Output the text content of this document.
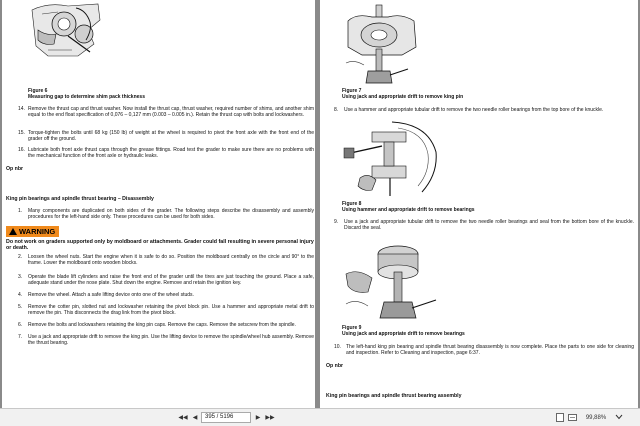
Figure 6
Measuring gap to determine shim pack thickness
14. Remove the thrust cap and thrust washer. Now install the thrust cap, thrust washer, required number of shims, and another shim equal to the end float specification of 0,076 – 0,127 mm (0.003 – 0.005 in.). Retain the thrust cap with bolts and lockwashers.
15. Torque-tighten the bolts until 68 kg (150 lb) of weight at the wheel is required to pivot the front axle with the front end of the grader off the ground.
16. Lubricate both front axle thrust caps through the grease fittings. Road test the grader to make sure there are no problems with the mechanical function of the front axle or hydraulic leaks.
Op nbr
King pin bearings and spindle thrust bearing – Disassembly
1. Many components are duplicated on both sides of the grader. The following steps describe the disassembly and assembly procedures for the left-hand side only. These procedures can be used for both sides.
WARNING
Do not work on graders supported only by moldboard or attachments. Grader could fall resulting in severe personal injury or death.
2. Loosen the wheel nuts. Start the engine when it is safe to do so. Position the moldboard centrally on the circle and 90° to the frame. Lower the moldboard onto wooden blocks.
3. Operate the blade lift cylinders and raise the front end of the grader until the tires are just touching the ground. Place a safe, adequate stand under the nose plate. Shut down the engine. Remove and retain the ignition key.
4. Remove the wheel. Attach a safe lifting device onto one of the wheel studs.
5. Remove the cotter pin, slotted nut and lockwasher retaining the pivot block pin. Use a hammer and appropriate metal drift to remove the pin. This disconnects the drag link from the pivot block.
6. Remove the bolts and lockwashers retaining the king pin caps. Remove the caps. Remove the setscrew from the spindle.
7. Use a jack and appropriate drift to remove the king pin. Use the lifting device to remove the spindle/wheel hub assembly. Remove the thrust bearing.
Figure 7
Using jack and appropriate drift to remove king pin
8. Use a hammer and appropriate tubular drift to remove the two needle roller bearings from the top bore of the knuckle.
Figure 8
Using hammer and appropriate drift to remove bearings
9. Use a jack and appropriate tubular drift to remove the two needle roller bearings and seal from the bottom bore of the knuckle. Discard the seal.
Figure 9
Using jack and appropriate drift to remove bearings
10. The left-hand king pin bearing and spindle thrust bearing disassembly is now complete. Place the parts to one side for cleaning and inspection. Refer to Cleaning and inspection, page 6:37.
Op nbr
King pin bearings and spindle thrust bearing assembly
◀◀ ◀	395 / 5196	▶ ▶▶	99,88%
